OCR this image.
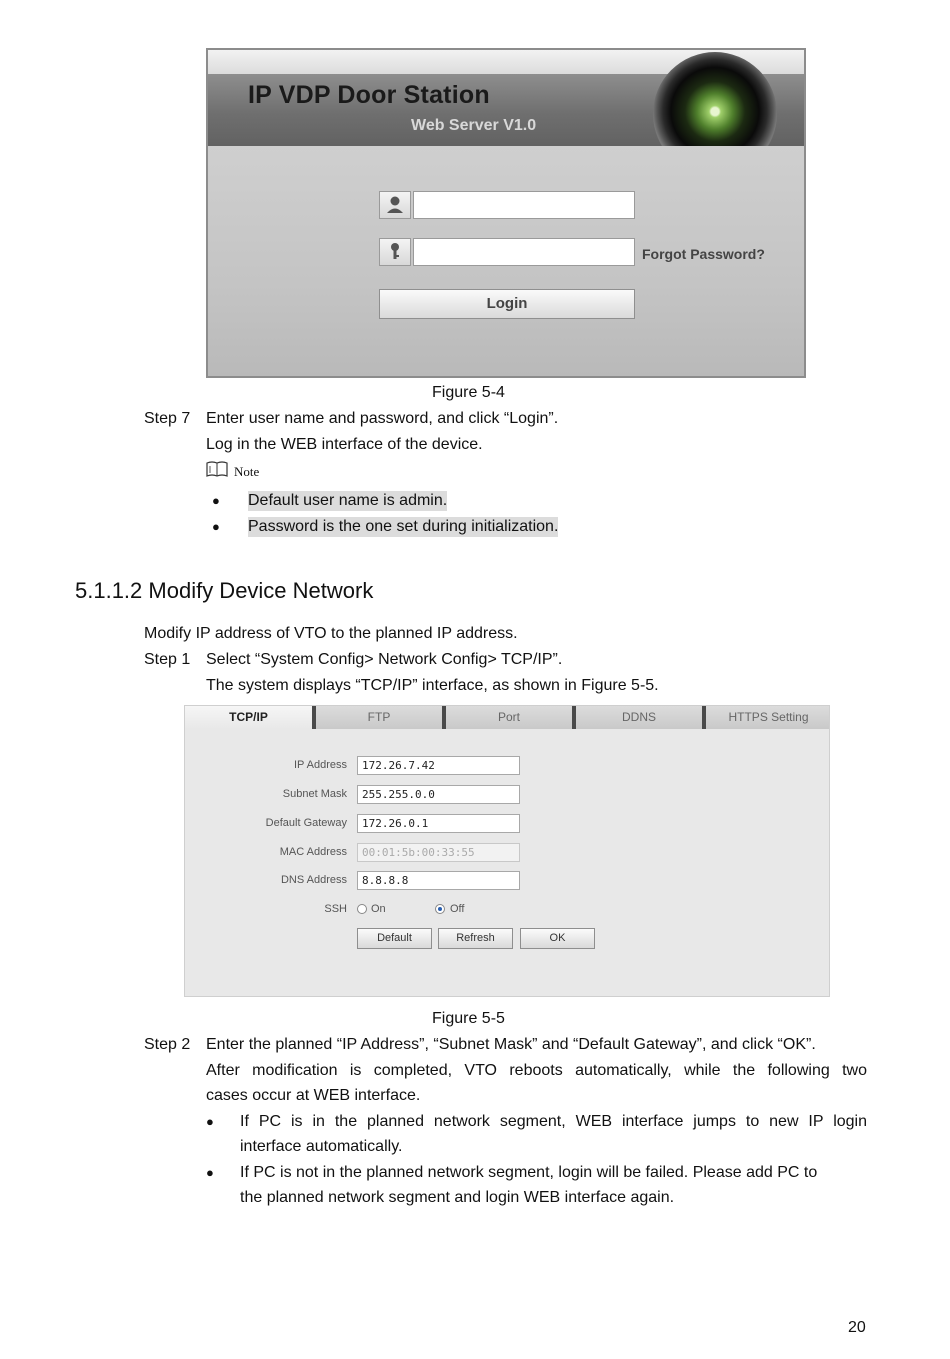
IP VDP Door Station
Web Server V1.0
Forgot Password?
Login
Figure 5-4
Step 7 Enter user name and password, and click “Login”.
Log in the WEB interface of the device.
Note
● Default user name is admin.
● Password is the one set during initialization.
5.1.1.2 Modify Device Network
Modify IP address of VTO to the planned IP address.
Step 1 Select “System Config> Network Config> TCP/IP”.
The system displays “TCP/IP” interface, as shown in Figure 5-5.
TCP/IP	FTP	Port	DDNS	HTTPS Setting
IP Address	172.26.7.42
Subnet Mask	255.255.0.0
Default Gateway	172.26.0.1
MAC Address	00:01:5b:00:33:55
DNS Address	8.8.8.8
SSH On	Off
Default	Refresh	OK
Figure 5-5
Step 2 Enter the planned “IP Address”, “Subnet Mask” and “Default Gateway”, and click “OK”.
After modification is completed, VTO reboots automatically, while the following two
cases occur at WEB interface.
● If PC is in the planned network segment, WEB interface jumps to new IP login
interface automatically.
● If PC is not in the planned network segment, login will be failed. Please add PC to
the planned network segment and login WEB interface again.
20
